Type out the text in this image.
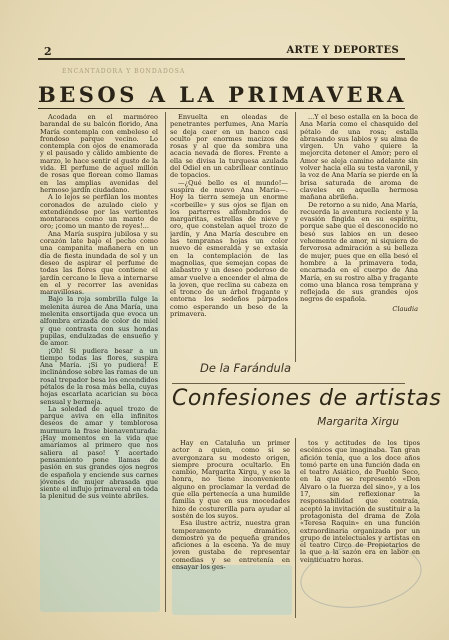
2	ARTE Y DEPORTES
ENCANTADORA Y BONDADOSA
BESOS A LA PRIMAVERA

Acodada en el marmóreo barandal de su balcón florido, Ana María contempla con embeleso el frondoso parque vecino. Lo contempla con ojos de enamorada y el pausado y cálido ambiente de marzo, le hace sentir el gusto de la vida. El perfume de aquel millón de rosas que florean como llamas en las amplias avenidas del hermoso jardín ciudadano.

A lo lejos se perfilan los montes coronados de azulado cielo y extendiéndose por las vertientes montaraces como un manto de oro; ¡como un manto de reyes!...

Ana María suspira jubilosa y su corazón late bajo el pecho como una campanita mañanera en un día de fiesta inundada de sol y un deseo de aspirar el perfume de todas las flores que contiene el jardín cercano le lleva a internarse en el y recorrer las avenidas maravillosas.

Bajo la roja sombrilla fulge la melenita áurea de Ana María, una melenita ensortijada que evoca un alfombra erizada de color de miel y que contrasta con sus hondas pupilas, endulzadas de ensueño y de amor.

¡Oh! Si pudiera besar a un tiempo todas las flores, suspira Ana María. ¡Si yo pudiera! E inclinándose sobre las ramas de un rosal trepador besa los encendidos pétalos de la rosa más bella, cuyas hojas escarlata acarician su boca sensual y bermeja.

La soledad de aquel trozo de parque aviva en ella infinitos deseos de amar y temblorosa murmura la frase bienaventurada: ¡Hay momentos en la vida que amaríamos al primero que nos saliera al paso! Y acertado pensamiento pone llamas de pasión en sus grandes ojos negros de española y enciende sus carnes jóvenes de mujer abrasada que siente el influjo primaveral en toda la plenitud de sus veinte abriles.

Envuelta en oleadas de penetrantes perfumes, Ana María se deja caer en un banco casi oculto por enormes macizos de rosas y al que da sombra una acacia nevada de flores. Frente a ella se divisa la turquesa azulada del Odiel en un cabrillear continuo de topacios.

—¿Qué bello es el mundo!—suspira de nuevo Ana María—. Hoy la tierra semeja un enorme «corbeille» y sus ojos se fijan en los parterres alfombrados de margaritas, estrellas de nieve y oro, que constelan aquel trozo de jardín, y Ana María descubre en las tempranas hojas un color nuevo de esmeralda y se extasía en la contemplación de las magnolias, que semejan copas de alabastro y un deseo poderoso de amar vuelve a encender el alma de la joven, que reclina su cabeza en el tronco de un árbol fragante y entorna los sedeños párpados como esperando un beso de la primavera.

...Y el beso estalla en la boca de Ana María como el chasquido del pétalo de una rosa; estalla abrasando sus labios y su alma de virgen. Un vaho quiere la mejorcita detener el Amor; pero el Amor se aleja camino adelante sin volver hacia ella su testa varonil, y la voz de Ana María se pierde en la brisa saturada de aroma de claveles en aquella hermosa mañana abrileña.

De retorno a su nido, Ana María, recuerda la aventura reciente y la evasión fingida en su espíritu, porque sabe que el desconocido no besó sus labios en un deseo vehemente de amor, ni siquiera de fervorosa admiración a su belleza de mujer, pues que en ella besó el hombre a la primavera toda, encarnada en el cuerpo de Ana María, en su rostro alba y fragante como una blanca rosa temprana y reflejada de sus grandes ojos negros de española.

Claudia
De la Farándula
Confesiones de artistas
Margarita Xirgu

Hay en Cataluña un primer actor a quien, como si se avergonzara su modesto origen, siempre procura ocultarlo. En cambio, Margarita Xirgu, y eso la honra, no tiene inconveniente alguno en proclamar la verdad de que ella pertenecía a una humilde familia y que en sus mocedades hizo de costurerilla para ayudar al sostén de los suyos.

Esa ilustre actriz, nuestra gran temperamento dramático, demostró ya de pequeña grandes aficiones a la escena. Ya de muy joven gustaba de representar comedias y se entretenía en ensayar los ges-

tos y actitudes de los tipos escénicos que imaginaba. Tan gran afición tenía, que a los doce años tomó parte en una función dada en el teatro Asiático, de Pueblo Seco, en la que se representó «Don Álvaro o la fuerza del sino», y a los 17, sin reflexionar la responsabilidad que contraía, aceptó la invitación de sustituir a la protagonista del drama de Zola «Teresa Raquin» en una función extraordinaria organizada por un grupo de intelectuales y artistas en el teatro Circo de Propietarios de la que a la sazón era en labor en veinticuatro horas.
